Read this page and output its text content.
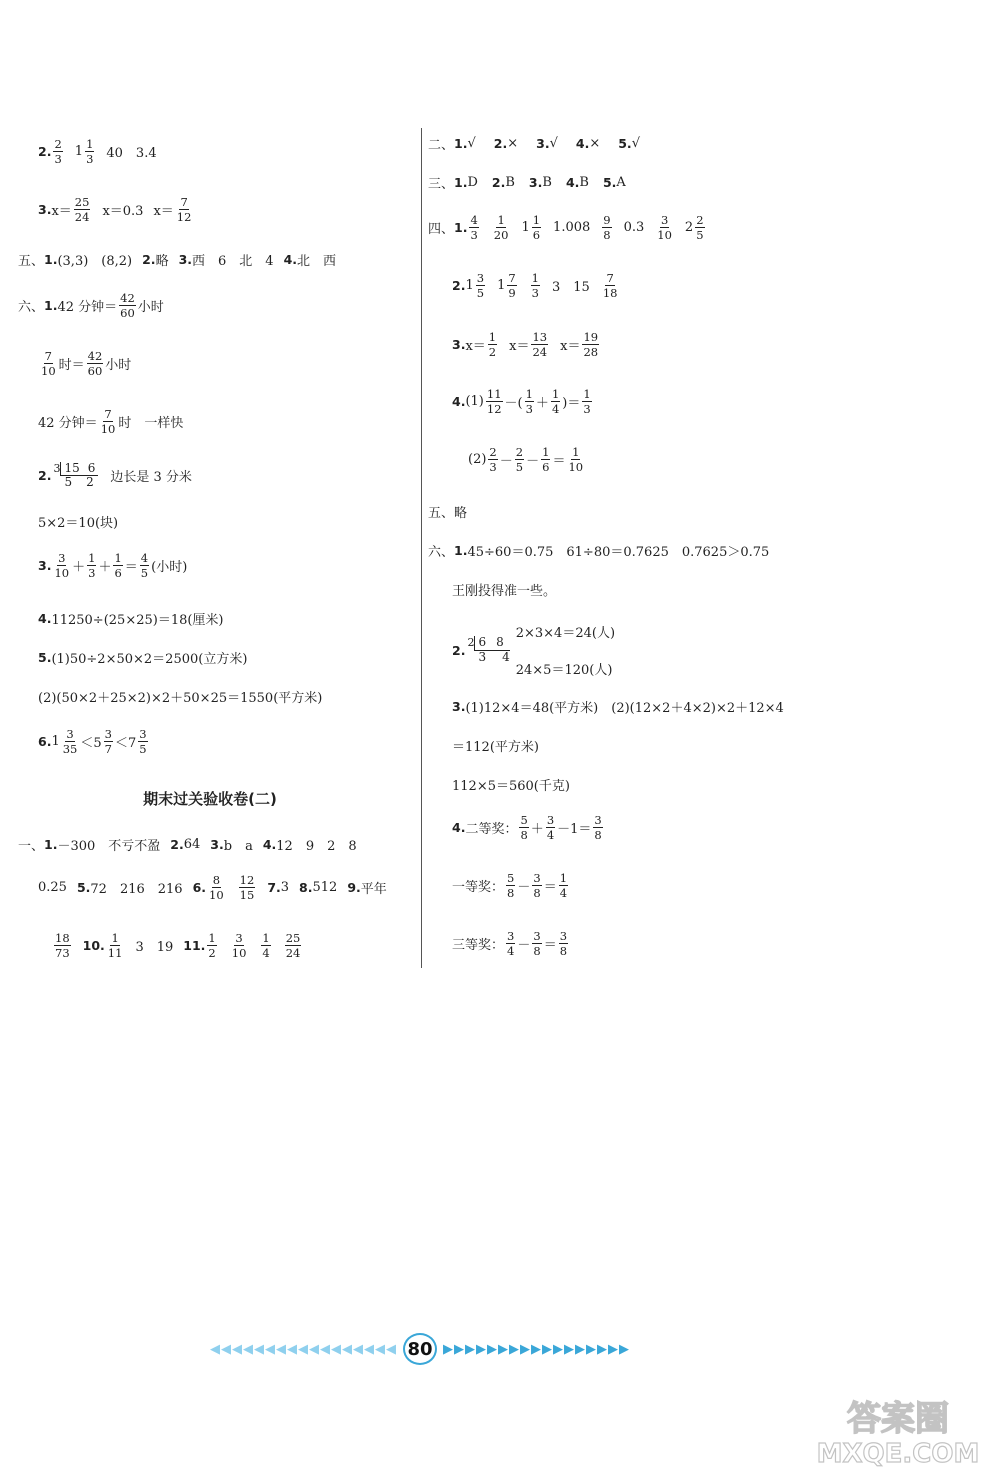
2.
2
3 1
1
3 40　3.4
3. x＝
25
24 x＝0.3 x＝
7
12
五、 1. (3,3)　(8,2) 2. 略 3. 西　6　北　4 4. 北　西
六、 1. 42 分钟＝
42
60 小时
7
10 时＝
42
60 小时
42 分钟＝
7
10 时　一样快
2. 3 15 6
5 2 边长是 3 分米
5×2＝10(块)
3.
3
10 ＋
1
3 ＋
1
6 ＝
4
5 (小时)
4. 11250÷(25×25)＝18(厘米)
5. (1)50÷2×50×2＝2500(立方米)
(2)(50×2＋25×2)×2＋50×25＝1550(平方米)
6. 1
3
35 ＜5
3
7 ＜7
3
5
期末过关验收卷(二)
一、 1. －300　不亏不盈 2. 64 3. b　a 4. 12　9　2　8
0.25 5. 72　216　216 6.
8
10
12
15 7. 3 8. 512 9. 平年
18
73 10.
1
11 3　19 11.
1
2
3
10
1
4
25
24
二、 1. √ 2. × 3. √ 4. × 5. √
三、 1. D 2. B 3. B 4. B 5. A
四、 1.
4
3
1
20 1
1
6 1.008
9
8 0.3
3
10 2
2
5
2. 1
3
5 1
7
9
1
3 3　15
7
18
3. x＝
1
2 x＝
13
24 x＝
19
28
4. (1)
11
12 －(
1
3 ＋
1
4 )＝
1
3
(2)
2
3 －
2
5 －
1
6 ＝
1
10
五、略
六、 1. 45÷60＝0.75　61÷80＝0.7625　0.7625＞0.75
王刚投得准一些。
2. 2 6 8
3 4
2×3×4＝24(人)
24×5＝120(人)
3. (1)12×4＝48(平方米)　(2)(12×2＋4×2)×2＋12×4
＝112(平方米)
112×5＝560(千克)
4. 二等奖：
5
8 ＋
3
4 －1＝
3
8
一等奖：
5
8 －
3
8 ＝
1
4
三等奖：
3
4 －
3
8 ＝
3
8
◀◀◀◀◀◀◀◀◀◀◀◀◀◀◀◀◀ 80 ▶▶▶▶▶▶▶▶▶▶▶▶▶▶▶▶▶
答案圈
MXQE.COM
